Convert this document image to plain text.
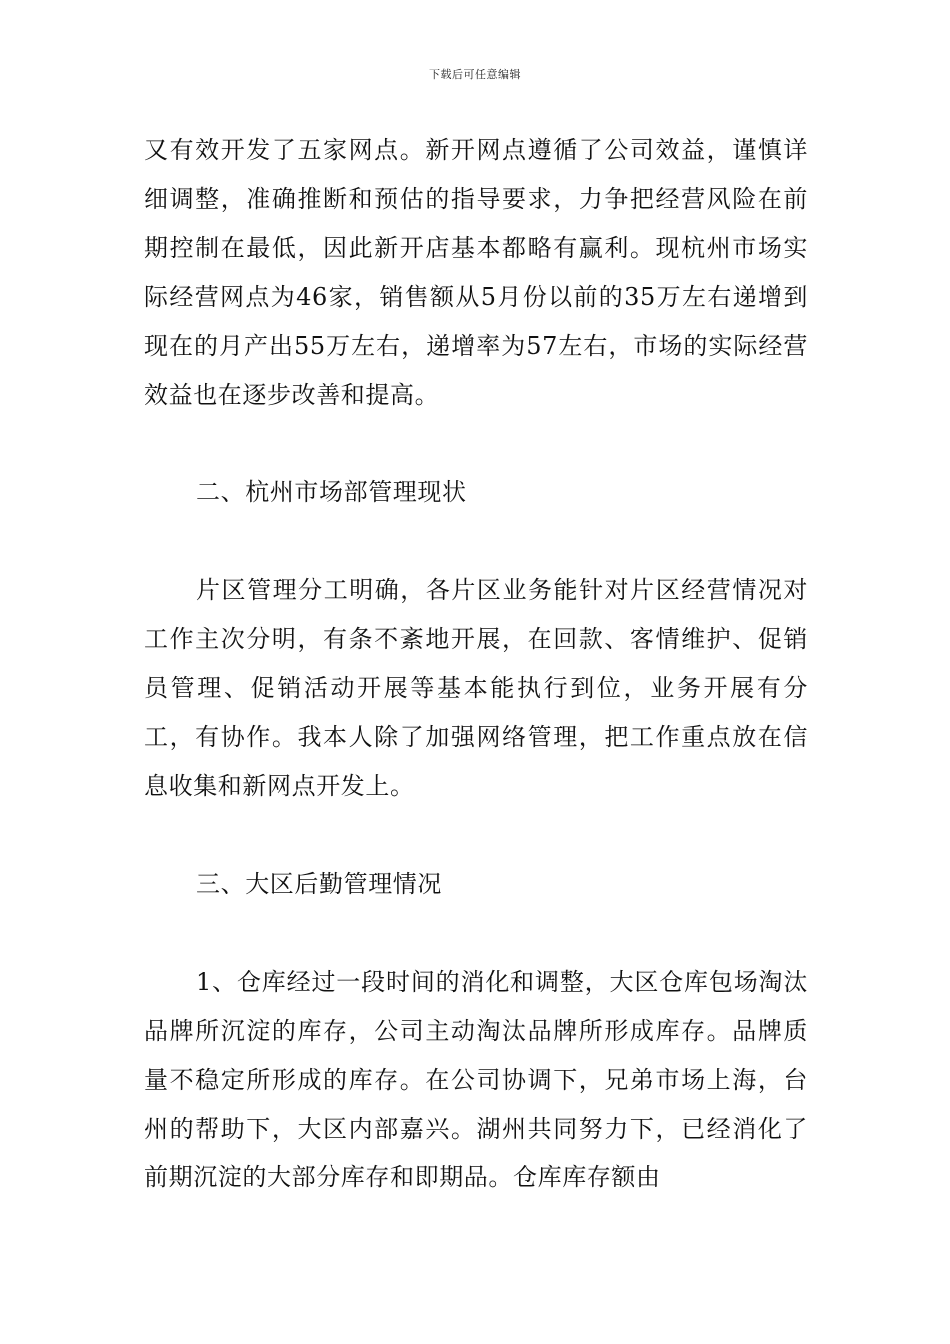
下载后可任意编辑

又有效开发了五家网点。新开网点遵循了公司效益，谨慎详细调整，准确推断和预估的指导要求，力争把经营风险在前期控制在最低，因此新开店基本都略有赢利。现杭州市场实际经营网点为46家，销售额从5月份以前的35万左右递增到现在的月产出55万左右，递增率为57左右，市场的实际经营效益也在逐步改善和提高。

二、杭州市场部管理现状

片区管理分工明确，各片区业务能针对片区经营情况对工作主次分明，有条不紊地开展，在回款、客情维护、促销员管理、促销活动开展等基本能执行到位，业务开展有分工，有协作。我本人除了加强网络管理，把工作重点放在信息收集和新网点开发上。

三、大区后勤管理情况

1、仓库经过一段时间的消化和调整，大区仓库包场淘汰品牌所沉淀的库存，公司主动淘汰品牌所形成库存。品牌质量不稳定所形成的库存。在公司协调下，兄弟市场上海，台州的帮助下，大区内部嘉兴。湖州共同努力下，已经消化了前期沉淀的大部分库存和即期品。仓库库存额由
